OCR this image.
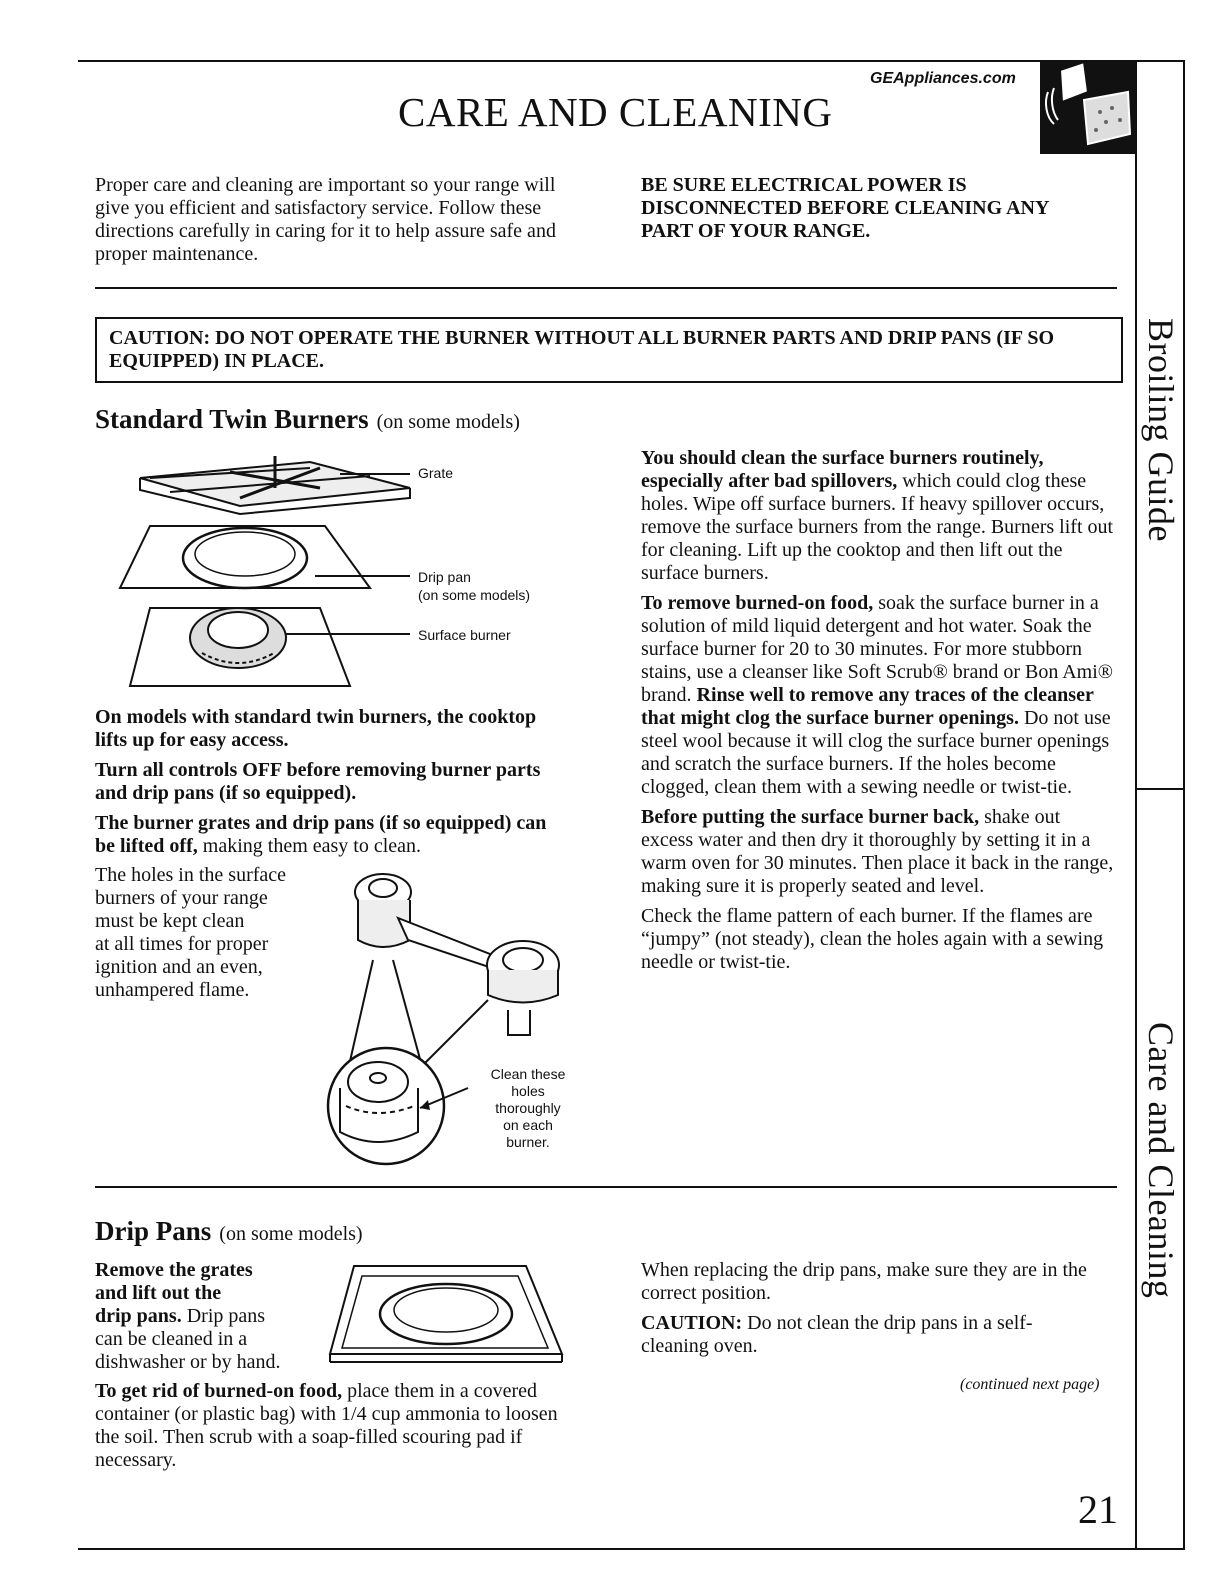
GEAppliances.com
CARE AND CLEANING
Proper care and cleaning are important so your range will give you efficient and satisfactory service. Follow these directions carefully in caring for it to help assure safe and proper maintenance.
BE SURE ELECTRICAL POWER IS DISCONNECTED BEFORE CLEANING ANY PART OF YOUR RANGE.
CAUTION: DO NOT OPERATE THE BURNER WITHOUT ALL BURNER PARTS AND DRIP PANS (IF SO EQUIPPED) IN PLACE.
Standard Twin Burners (on some models)
Grate
Drip pan
(on some models)
Surface burner

On models with standard twin burners, the cooktop lifts up for easy access.

Turn all controls OFF before removing burner parts and drip pans (if so equipped).

The burner grates and drip pans (if so equipped) can be lifted off, making them easy to clean.

The holes in the surface
burners of your range
must be kept clean
at all times for proper
ignition and an even,
unhampered flame.
Clean these
holes
thoroughly
on each
burner.

You should clean the surface burners routinely, especially after bad spillovers, which could clog these holes. Wipe off surface burners. If heavy spillover occurs, remove the surface burners from the range. Burners lift out for cleaning. Lift up the cooktop and then lift out the surface burners.

To remove burned-on food, soak the surface burner in a solution of mild liquid detergent and hot water. Soak the surface burner for 20 to 30 minutes. For more stubborn stains, use a cleanser like Soft Scrub® brand or Bon Ami® brand. Rinse well to remove any traces of the cleanser that might clog the surface burner openings. Do not use steel wool because it will clog the surface burner openings and scratch the surface burners. If the holes become clogged, clean them with a sewing needle or twist-tie.

Before putting the surface burner back, shake out excess water and then dry it thoroughly by setting it in a warm oven for 30 minutes. Then place it back in the range, making sure it is properly seated and level.

Check the flame pattern of each burner. If the flames are “jumpy” (not steady), clean the holes again with a sewing needle or twist-tie.

Drip Pans (on some models)
Remove the grates
and lift out the
drip pans. Drip pans
can be cleaned in a
dishwasher or by hand.
To get rid of burned-on food, place them in a covered container (or plastic bag) with 1/4 cup ammonia to loosen the soil. Then scrub with a soap-filled scouring pad if necessary.

When replacing the drip pans, make sure they are in the correct position.

CAUTION: Do not clean the drip pans in a self-cleaning oven.

(continued next page)
21
Broiling Guide
Care and Cleaning
